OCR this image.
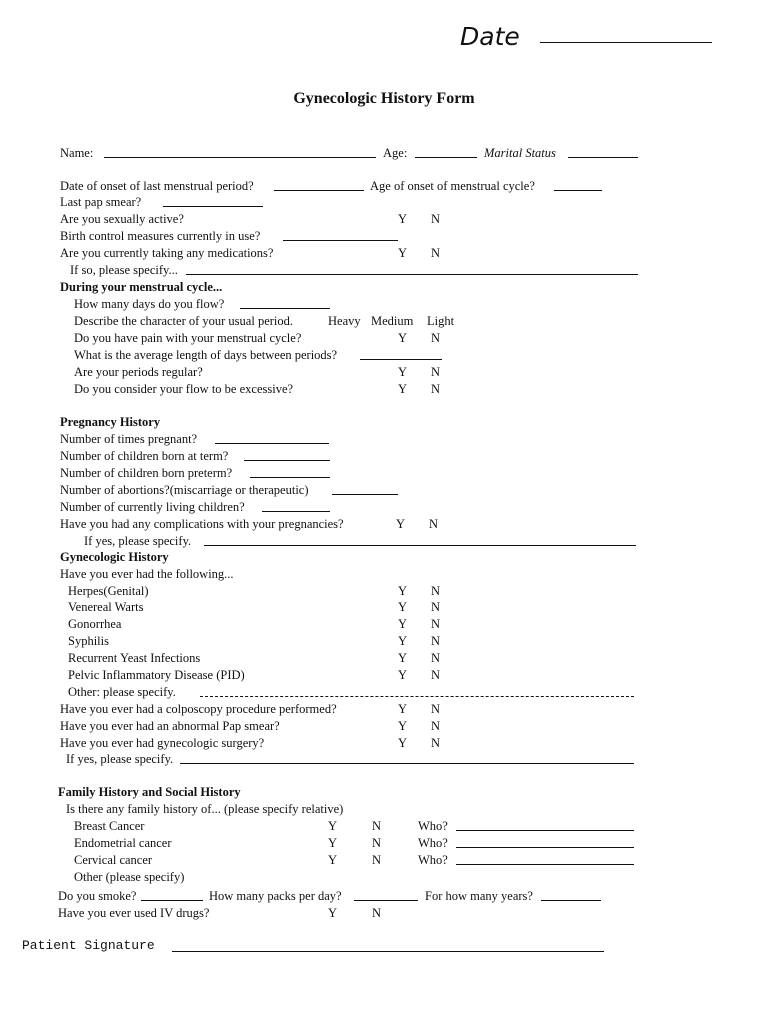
Date
Gynecologic History Form
Name:	Age:	Marital Status
Date of onset of last menstrual period?	Age of onset of menstrual cycle?
Last pap smear?
Are you sexually active?	Y N
Birth control measures currently in use?
Are you currently taking any medications?	Y N
If so, please specify...
During your menstrual cycle...
How many days do you flow?
Describe the character of your usual period.	Heavy Medium Light
Do you have pain with your menstrual cycle?	Y N
What is the average length of days between periods?
Are your periods regular?	Y N
Do you consider your flow to be excessive?	Y N
Pregnancy History
Number of times pregnant?
Number of children born at term?
Number of children born preterm?
Number of abortions?(miscarriage or therapeutic)
Number of currently living children?
Have you had any complications with your pregnancies?	Y N
If yes, please specify.
Gynecologic History
Have you ever had the following...
Herpes(Genital)	Y N
Venereal Warts	Y N
Gonorrhea	Y N
Syphilis	Y N
Recurrent Yeast Infections	Y N
Pelvic Inflammatory Disease (PID)	Y N
Other: please specify.
Have you ever had a colposcopy procedure performed?	Y N
Have you ever had an abnormal Pap smear?	Y N
Have you ever had gynecologic surgery?	Y N
If yes, please specify.
Family History and Social History
Is there any family history of... (please specify relative)
Breast Cancer	Y	N	Who?
Endometrial cancer	Y	N	Who?
Cervical cancer	Y	N	Who?
Other (please specify)
Do you smoke?	How many packs per day?	For how many years?
Have you ever used IV drugs?	Y	N
Patient Signature
